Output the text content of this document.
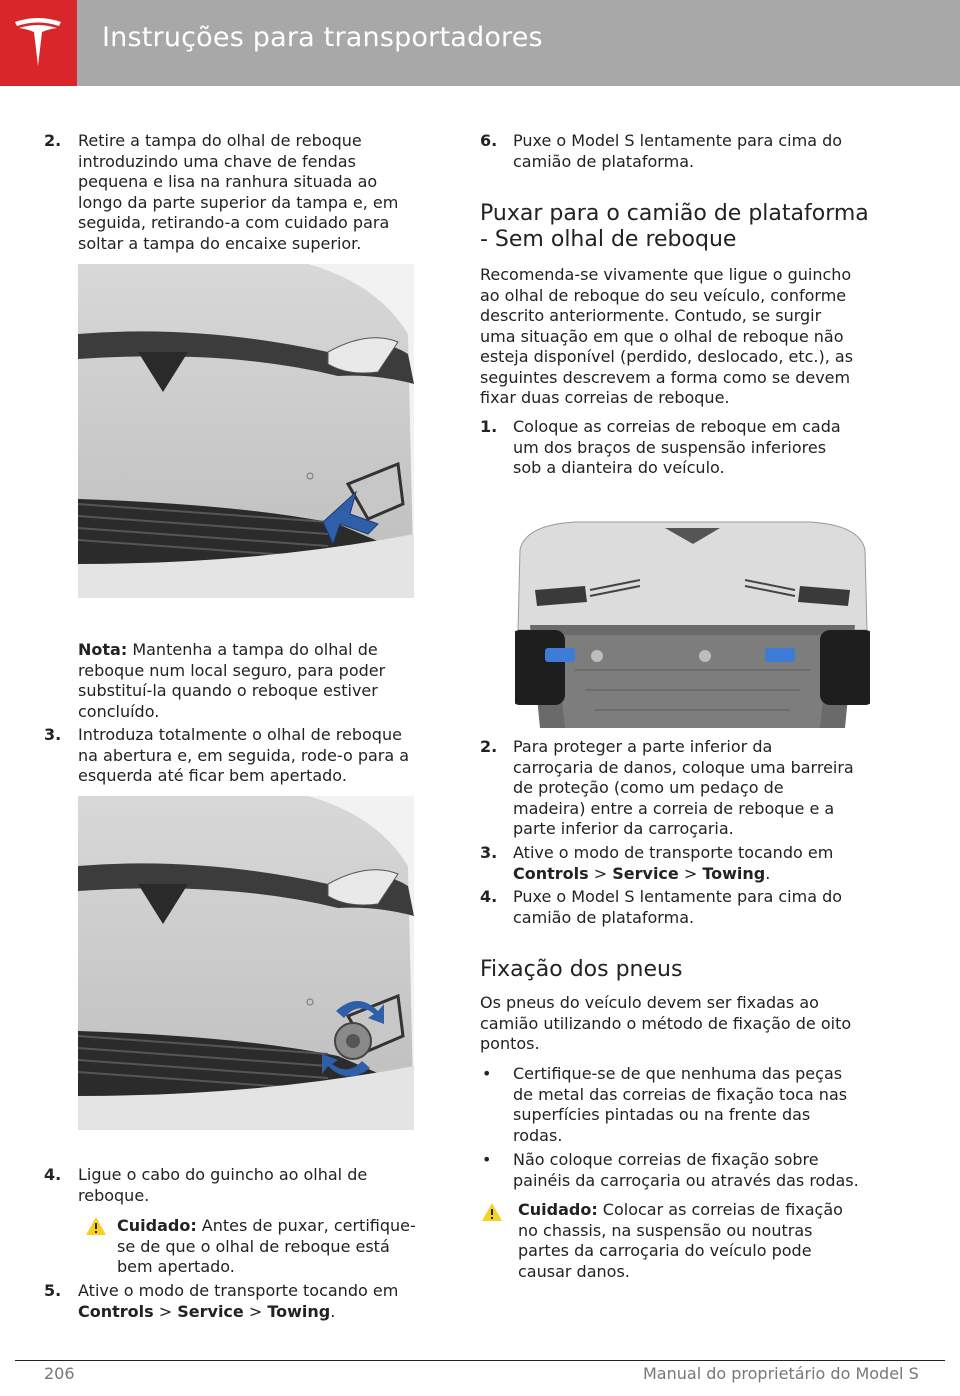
Instruções para transportadores
2. Retire a tampa do olhal de reboque
introduzindo uma chave de fendas
pequena e lisa na ranhura situada ao
longo da parte superior da tampa e, em
seguida, retirando-a com cuidado para
soltar a tampa do encaixe superior.
Nota: Mantenha a tampa do olhal de
reboque num local seguro, para poder
substituí-la quando o reboque estiver
concluído.
3. Introduza totalmente o olhal de reboque
na abertura e, em seguida, rode-o para a
esquerda até ficar bem apertado.
4. Ligue o cabo do guincho ao olhal de
reboque.
Cuidado: Antes de puxar, certifique-
se de que o olhal de reboque está
bem apertado.
5. Ative o modo de transporte tocando em
Controls > Service > Towing.
6. Puxe o Model S lentamente para cima do
camião de plataforma.
Puxar para o camião de plataforma
- Sem olhal de reboque
Recomenda-se vivamente que ligue o guincho
ao olhal de reboque do seu veículo, conforme
descrito anteriormente. Contudo, se surgir
uma situação em que o olhal de reboque não
esteja disponível (perdido, deslocado, etc.), as
seguintes descrevem a forma como se devem
fixar duas correias de reboque.
1. Coloque as correias de reboque em cada
um dos braços de suspensão inferiores
sob a dianteira do veículo.
2. Para proteger a parte inferior da
carroçaria de danos, coloque uma barreira
de proteção (como um pedaço de
madeira) entre a correia de reboque e a
parte inferior da carroçaria.
3. Ative o modo de transporte tocando em
Controls > Service > Towing.
4. Puxe o Model S lentamente para cima do
camião de plataforma.
Fixação dos pneus
Os pneus do veículo devem ser fixadas ao
camião utilizando o método de fixação de oito
pontos.
• Certifique-se de que nenhuma das peças
de metal das correias de fixação toca nas
superfícies pintadas ou na frente das
rodas.
• Não coloque correias de fixação sobre
painéis da carroçaria ou através das rodas.
Cuidado: Colocar as correias de fixação
no chassis, na suspensão ou noutras
partes da carroçaria do veículo pode
causar danos.
206	Manual do proprietário do Model S
